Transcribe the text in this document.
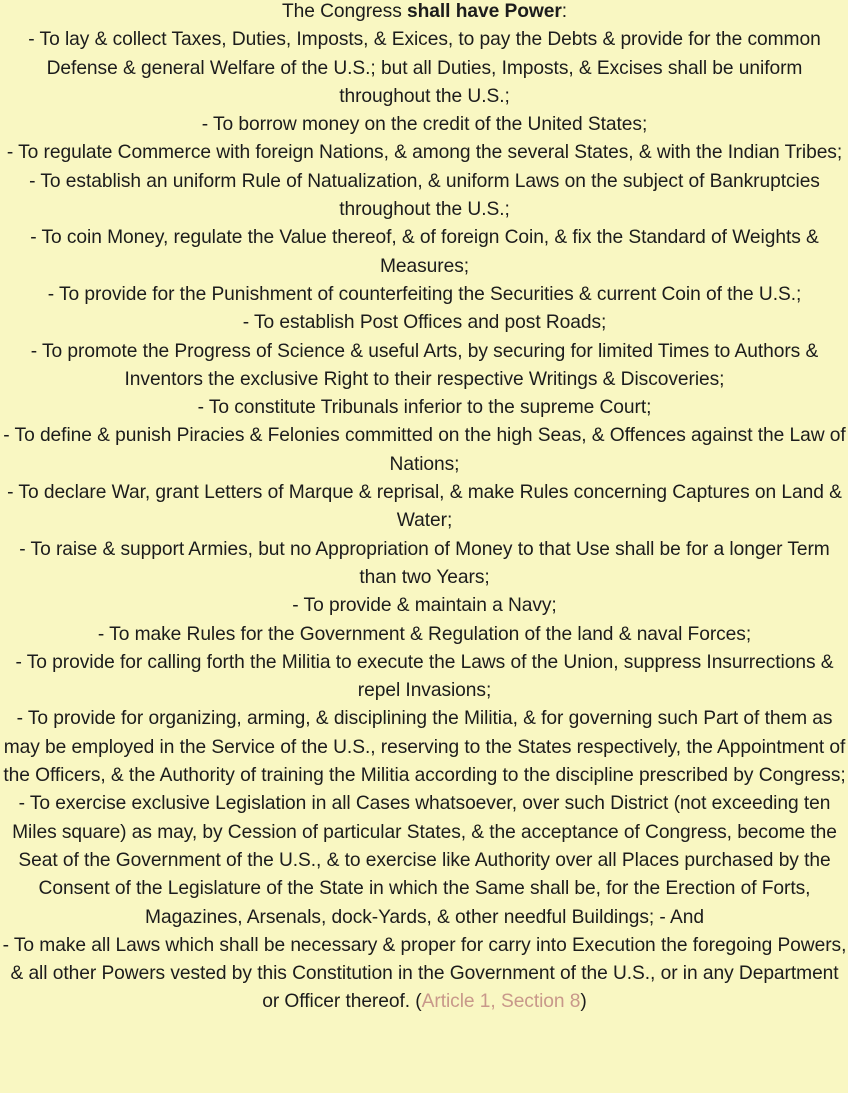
The Congress shall have Power:
- To lay & collect Taxes, Duties, Imposts, & Exices, to pay the Debts & provide for the common Defense & general Welfare of the U.S.; but all Duties, Imposts, & Excises shall be uniform throughout the U.S.;
- To borrow money on the credit of the United States;
- To regulate Commerce with foreign Nations, & among the several States, & with the Indian Tribes;
- To establish an uniform Rule of Natualization, & uniform Laws on the subject of Bankruptcies throughout the U.S.;
- To coin Money, regulate the Value thereof, & of foreign Coin, & fix the Standard of Weights & Measures;
- To provide for the Punishment of counterfeiting the Securities & current Coin of the U.S.;
- To establish Post Offices and post Roads;
- To promote the Progress of Science & useful Arts, by securing for limited Times to Authors & Inventors the exclusive Right to their respective Writings & Discoveries;
- To constitute Tribunals inferior to the supreme Court;
- To define & punish Piracies & Felonies committed on the high Seas, & Offences against the Law of Nations;
- To declare War, grant Letters of Marque & reprisal, & make Rules concerning Captures on Land & Water;
- To raise & support Armies, but no Appropriation of Money to that Use shall be for a longer Term than two Years;
- To provide & maintain a Navy;
- To make Rules for the Government & Regulation of the land & naval Forces;
- To provide for calling forth the Militia to execute the Laws of the Union, suppress Insurrections & repel Invasions;
- To provide for organizing, arming, & disciplining the Militia, & for governing such Part of them as may be employed in the Service of the U.S., reserving to the States respectively, the Appointment of the Officers, & the Authority of training the Militia according to the discipline prescribed by Congress;
- To exercise exclusive Legislation in all Cases whatsoever, over such District (not exceeding ten Miles square) as may, by Cession of particular States, & the acceptance of Congress, become the Seat of the Government of the U.S., & to exercise like Authority over all Places purchased by the Consent of the Legislature of the State in which the Same shall be, for the Erection of Forts, Magazines, Arsenals, dock-Yards, & other needful Buildings; - And
- To make all Laws which shall be necessary & proper for carry into Execution the foregoing Powers, & all other Powers vested by this Constitution in the Government of the U.S., or in any Department or Officer thereof. (Article 1, Section 8)
